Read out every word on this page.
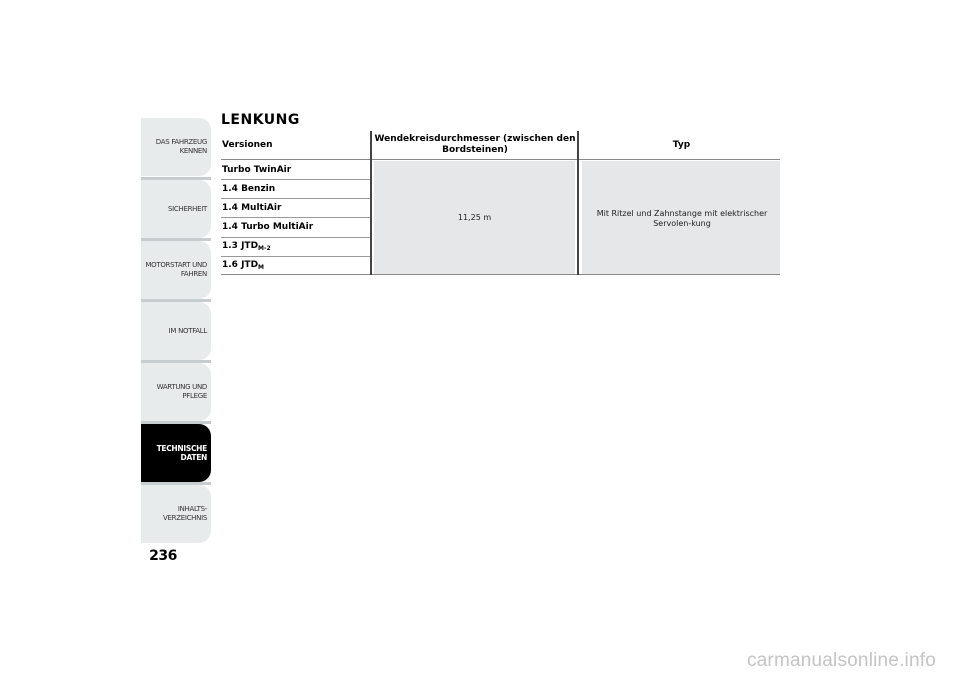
DAS FAHRZEUG
KENNEN
SICHERHEIT
MOTORSTART UND
FAHREN
IM NOTFALL
WARTUNG UND
PFLEGE
TECHNISCHE
DATEN
INHALTS-
VERZEICHNIS
236
LENKUNG
Versionen
Wendekreisdurchmesser (zwischen den Bordsteinen)	Typ
Turbo TwinAir
1.4 Benzin
1.4 MultiAir
1.4 Turbo MultiAir
1.3 $JTD_{M-2}$
1.6 $JTD_M$
11,25 m	Mit Ritzel und Zahnstange mit elektrischer Servolen-kung
carmanualsonline.info
